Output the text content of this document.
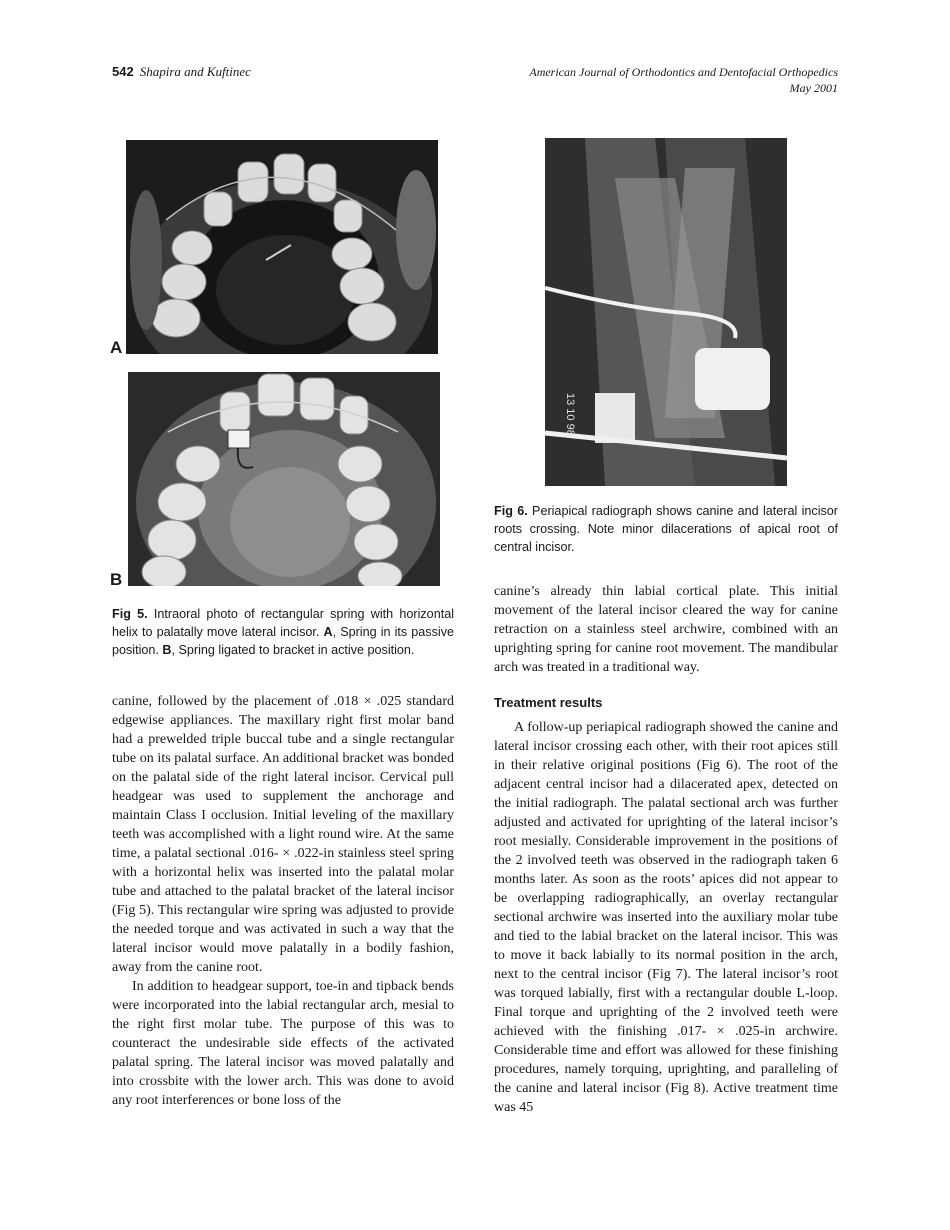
542 Shapira and Kuftinec	American Journal of Orthodontics and Dentofacial Orthopedics
May 2001
A
B
Fig 5. Intraoral photo of rectangular spring with horizontal helix to palatally move lateral incisor. A, Spring in its passive position. B, Spring ligated to bracket in active position.
13 10 98
Fig 6. Periapical radiograph shows canine and lateral incisor roots crossing. Note minor dilacerations of apical root of central incisor.

canine, followed by the placement of .018 × .025 standard edgewise appliances. The maxillary right first molar band had a prewelded triple buccal tube and a single rectangular tube on its palatal surface. An additional bracket was bonded on the palatal side of the right lateral incisor. Cervical pull headgear was used to supplement the anchorage and maintain Class I occlusion. Initial leveling of the maxillary teeth was accomplished with a light round wire. At the same time, a palatal sectional .016- × .022-in stainless steel spring with a horizontal helix was inserted into the palatal molar tube and attached to the palatal bracket of the lateral incisor (Fig 5). This rectangular wire spring was adjusted to provide the needed torque and was activated in such a way that the lateral incisor would move palatally in a bodily fashion, away from the canine root.

In addition to headgear support, toe-in and tipback bends were incorporated into the labial rectangular arch, mesial to the right first molar tube. The purpose of this was to counteract the undesirable side effects of the activated palatal spring. The lateral incisor was moved palatally and into crossbite with the lower arch. This was done to avoid any root interferences or bone loss of the

canine’s already thin labial cortical plate. This initial movement of the lateral incisor cleared the way for canine retraction on a stainless steel archwire, combined with an uprighting spring for canine root movement. The mandibular arch was treated in a traditional way.

Treatment results

A follow-up periapical radiograph showed the canine and lateral incisor crossing each other, with their root apices still in their relative original positions (Fig 6). The root of the adjacent central incisor had a dilacerated apex, detected on the initial radiograph. The palatal sectional arch was further adjusted and activated for uprighting of the lateral incisor’s root mesially. Considerable improvement in the positions of the 2 involved teeth was observed in the radiograph taken 6 months later. As soon as the roots’ apices did not appear to be overlapping radiographically, an overlay rectangular sectional archwire was inserted into the auxiliary molar tube and tied to the labial bracket on the lateral incisor. This was to move it back labially to its normal position in the arch, next to the central incisor (Fig 7). The lateral incisor’s root was torqued labially, first with a rectangular double L-loop. Final torque and uprighting of the 2 involved teeth were achieved with the finishing .017- × .025-in archwire. Considerable time and effort was allowed for these finishing procedures, namely torquing, uprighting, and paralleling of the canine and lateral incisor (Fig 8). Active treatment time was 45
